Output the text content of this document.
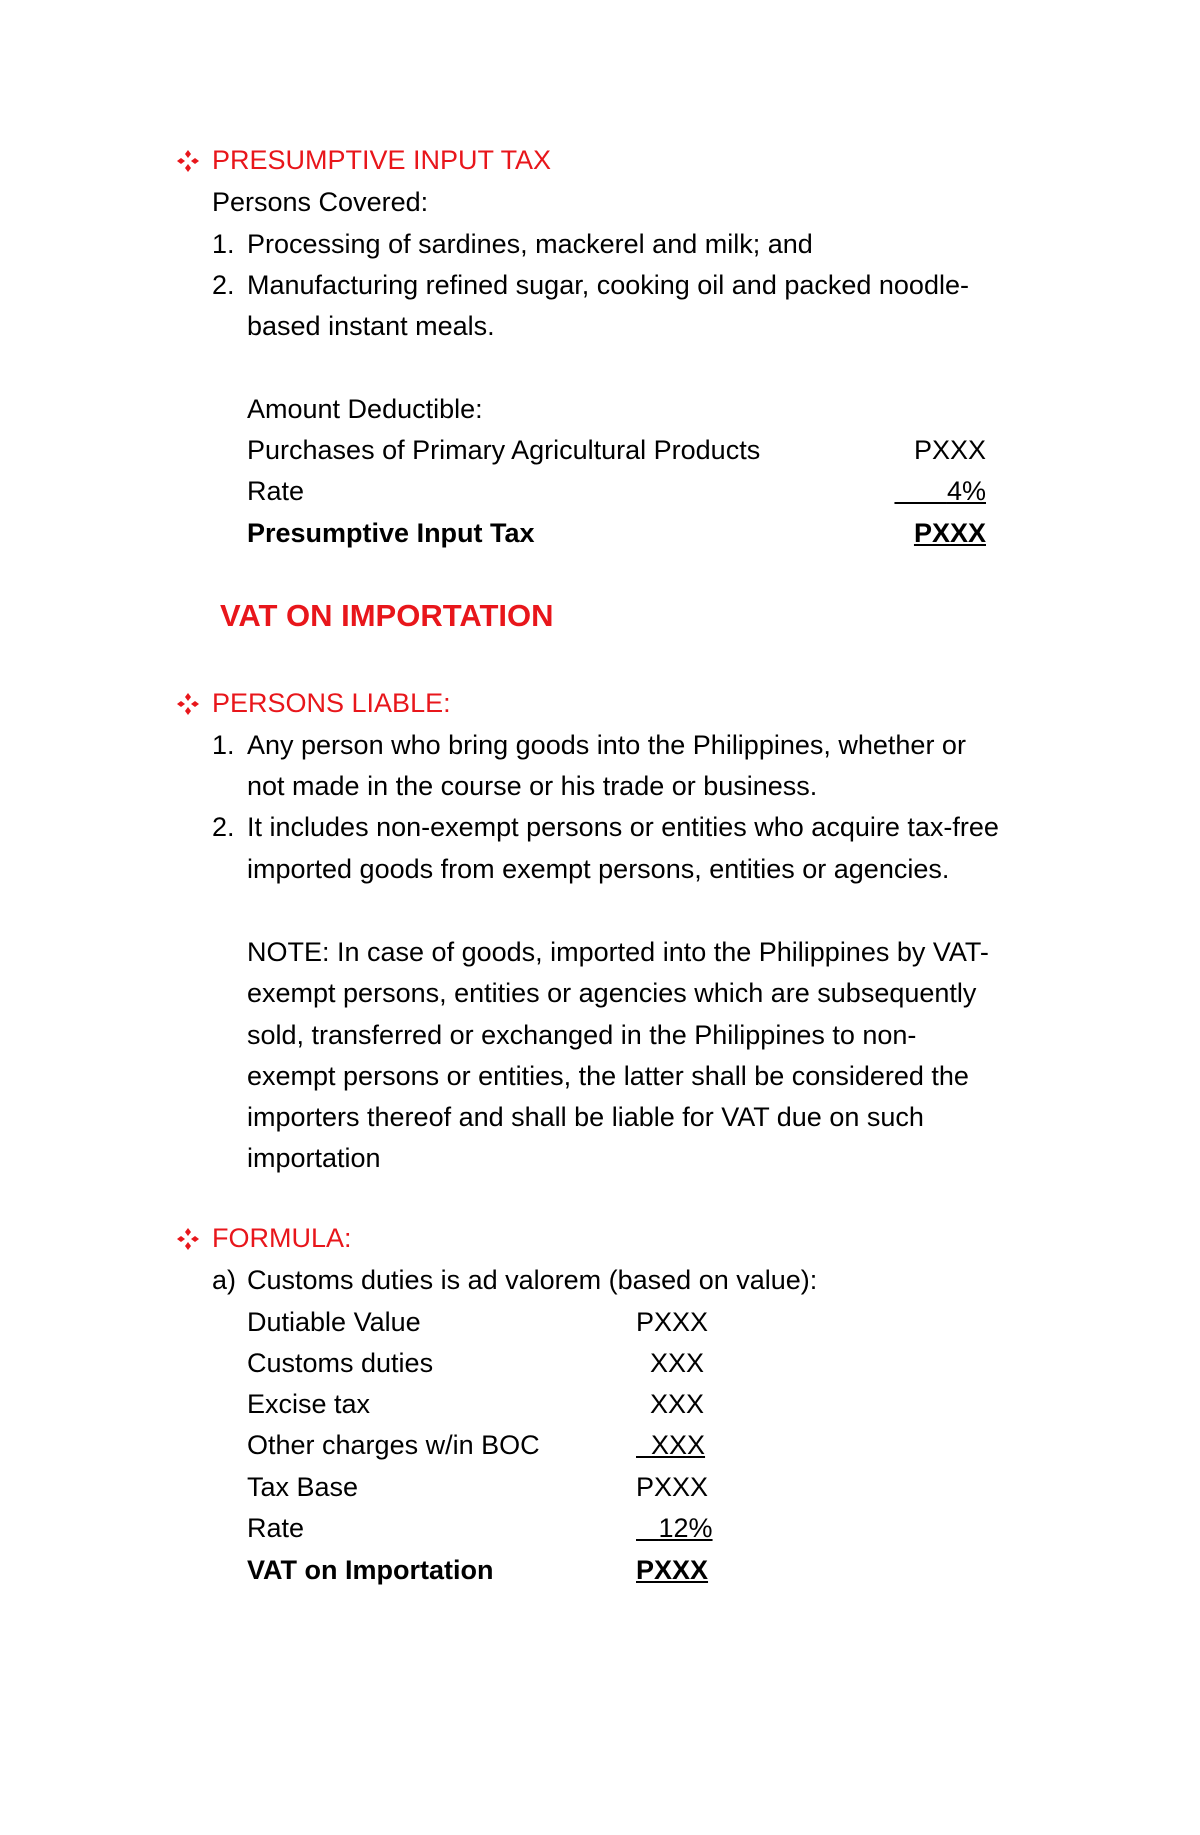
PRESUMPTIVE INPUT TAX
Persons Covered:
1. Processing of sardines, mackerel and milk; and
2. Manufacturing refined sugar, cooking oil and packed noodle-
based instant meals.
Amount Deductible:
Purchases of Primary Agricultural Products	PXXX
Rate	4%
Presumptive Input Tax	PXXX
VAT ON IMPORTATION
PERSONS LIABLE:
1. Any person who bring goods into the Philippines, whether or
not made in the course or his trade or business.
2. It includes non-exempt persons or entities who acquire tax-free
imported goods from exempt persons, entities or agencies.
NOTE: In case of goods, imported into the Philippines by VAT-
exempt persons, entities or agencies which are subsequently
sold, transferred or exchanged in the Philippines to non-
exempt persons or entities, the latter shall be considered the
importers thereof and shall be liable for VAT due on such
importation
FORMULA:
a) Customs duties is ad valorem (based on value):
Dutiable Value	PXXX
Customs duties	XXX
Excise tax	XXX
Other charges w/in BOC	XXX
Tax Base	PXXX
Rate	12%
VAT on Importation	PXXX
